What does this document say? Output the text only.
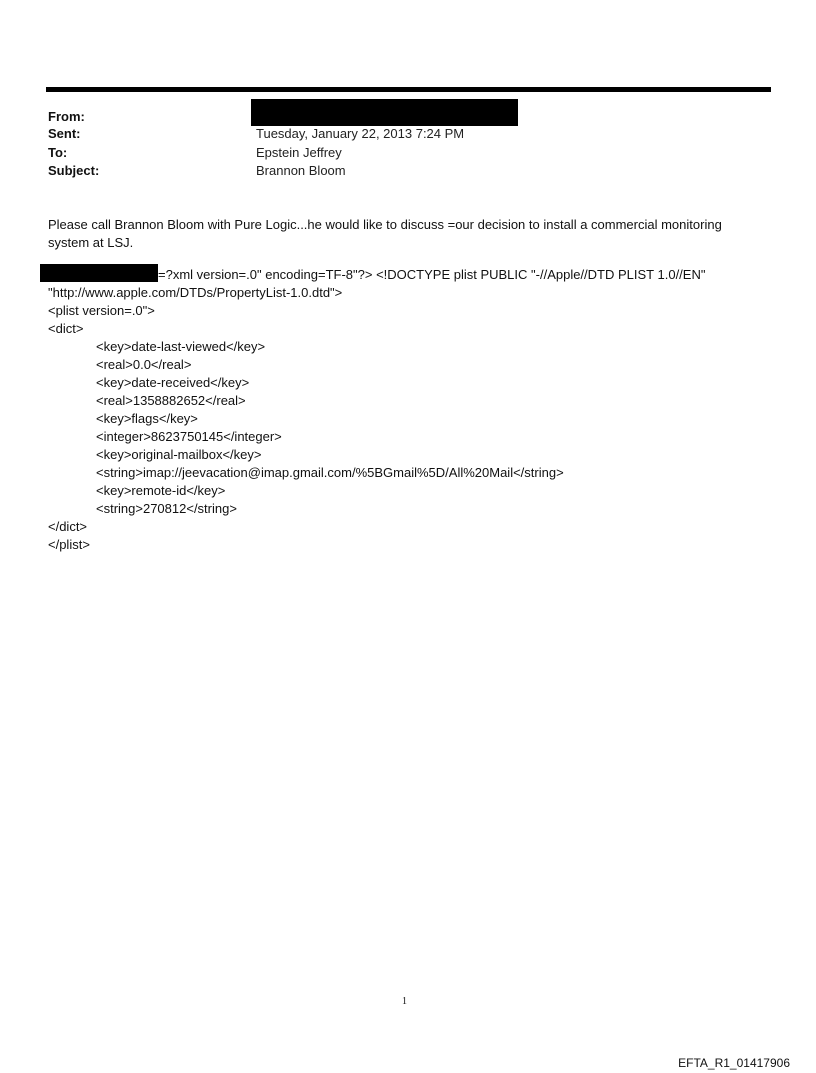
From:
Sent:	Tuesday, January 22, 2013 7:24 PM
To:	Epstein Jeffrey
Subject:	Brannon Bloom
Please call Brannon Bloom with Pure Logic...he would like to discuss =our decision to install a commercial monitoring system at LSJ.
=?xml version=.0" encoding=TF-8"?> <!DOCTYPE plist PUBLIC "-//Apple//DTD PLIST 1.0//EN"
"http://www.apple.com/DTDs/PropertyList-1.0.dtd">
<plist version=.0">
<dict>
<key>date-last-viewed</key>
<real>0.0</real>
<key>date-received</key>
<real>1358882652</real>
<key>flags</key>
<integer>8623750145</integer>
<key>original-mailbox</key>
<string>imap://jeevacation@imap.gmail.com/%5BGmail%5D/All%20Mail</string>
<key>remote-id</key>
<string>270812</string>
</dict>
</plist>
1
EFTA_R1_01417906
